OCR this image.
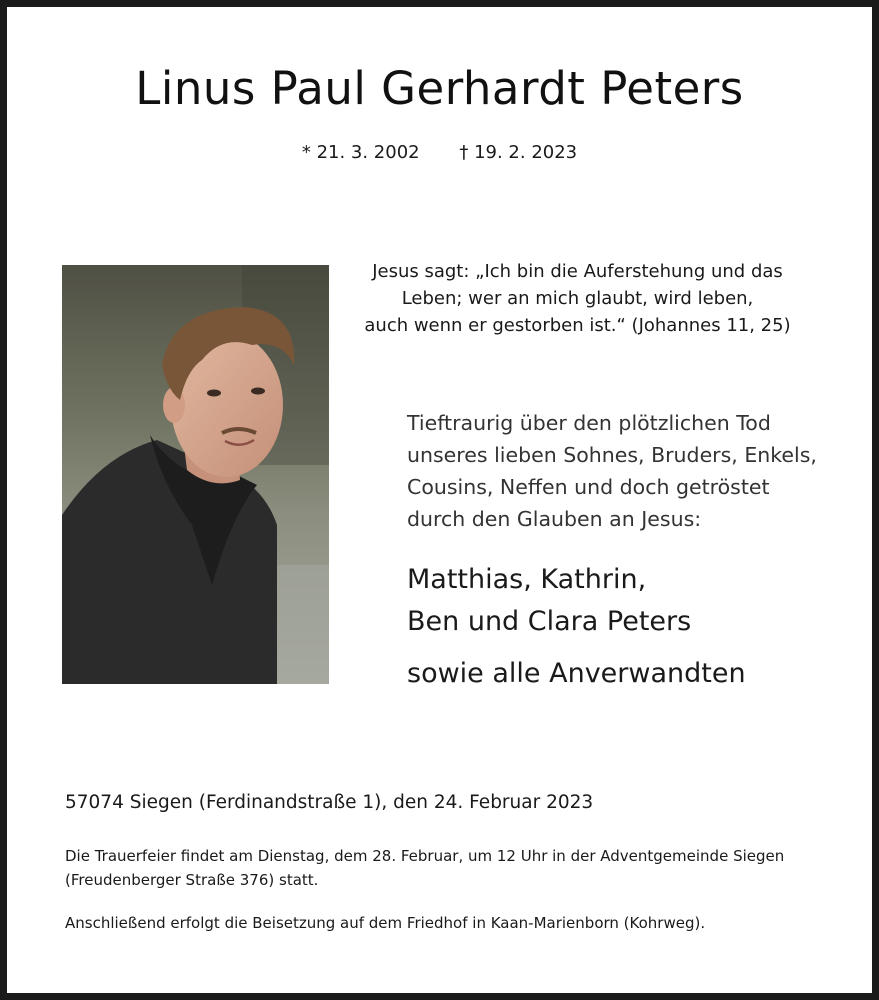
Linus Paul Gerhardt Peters
* 21. 3. 2002 † 19. 2. 2023
Jesus sagt: „Ich bin die Auferstehung und das
Leben; wer an mich glaubt, wird leben,
auch wenn er gestorben ist.“ (Johannes 11, 25)
Tieftraurig über den plötzlichen Tod
unseres lieben Sohnes, Bruders, Enkels,
Cousins, Neffen und doch getröstet
durch den Glauben an Jesus:
Matthias, Kathrin,
Ben und Clara Peters
sowie alle Anverwandten
57074 Siegen (Ferdinandstraße 1), den 24. Februar 2023
Die Trauerfeier findet am Dienstag, dem 28. Februar, um 12 Uhr in der Adventgemeinde Siegen
(Freudenberger Straße 376) statt.
Anschließend erfolgt die Beisetzung auf dem Friedhof in Kaan-Marienborn (Kohrweg).
